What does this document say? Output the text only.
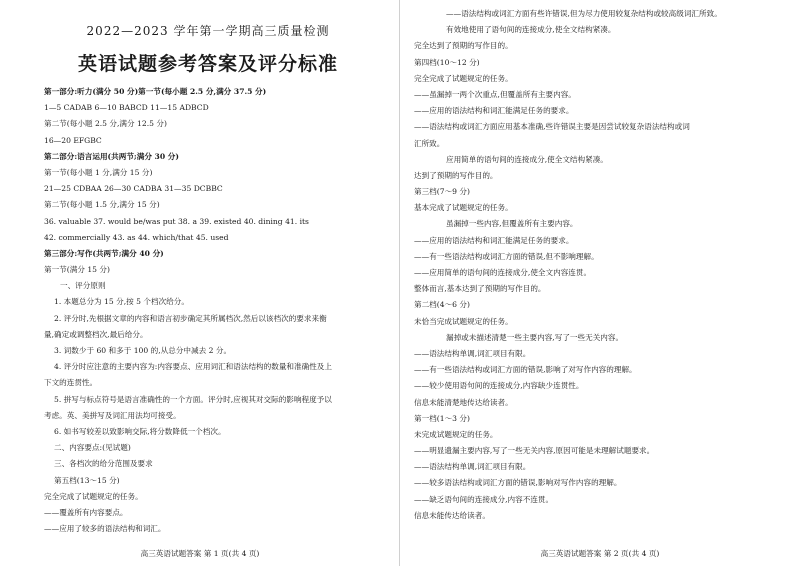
2022—2023 学年第一学期高三质量检测
英语试题参考答案及评分标准
第一部分:听力(满分 50 分)第一节(每小题 2.5 分,满分 37.5 分)
1—5 CADAB 6—10 BABCD 11—15 ADBCD
第二节(每小题 2.5 分,满分 12.5 分)
16—20 EFGBC
第二部分:语言运用(共两节;满分 30 分)
第一节(每小题 1 分,满分 15 分)
21—25 CDBAA 26—30 CADBA 31—35 DCBBC
第二节(每小题 1.5 分,满分 15 分)
36. valuable 37. would be/was put 38. a 39. existed 40. dining 41. its
42. commercially 43. as 44. which/that 45. used
第三部分:写作(共两节;满分 40 分)
第一节(满分 15 分)
一、评分原则
1. 本题总分为 15 分,按 5 个档次给分。
2. 评分时,先根据文章的内容和语言初步确定其所属档次,然后以该档次的要求来衡
量,确定或调整档次,最后给分。
3. 词数少于 60 和多于 100 的,从总分中减去 2 分。
4. 评分时应注意的主要内容为:内容要点、应用词汇和语法结构的数量和准确性及上
下文的连贯性。
5. 拼写与标点符号是语言准确性的一个方面。评分时,应视其对交际的影响程度予以
考虑。英、美拼写及词汇用法均可接受。
6. 如书写较差以致影响交际,将分数降低一个档次。
二、内容要点:(见试题)
三、各档次的给分范围及要求
第五档(13～15 分)
完全完成了试题规定的任务。
——覆盖所有内容要点。
——应用了较多的语法结构和词汇。
高三英语试题答案 第 1 页(共 4 页)
——语法结构或词汇方面有些许错误,但为尽力使用较复杂结构或较高级词汇所致。
有效地使用了语句间的连接成分,使全文结构紧凑。
完全达到了预期的写作目的。
第四档(10～12 分)
完全完成了试题规定的任务。
——虽漏掉一两个次重点,但覆盖所有主要内容。
——应用的语法结构和词汇能满足任务的要求。
——语法结构或词汇方面应用基本准确,些许错误主要是因尝试较复杂语法结构或词
汇所致。
应用简单的语句间的连接成分,使全文结构紧凑。
达到了预期的写作目的。
第三档(7～9 分)
基本完成了试题规定的任务。
虽漏掉一些内容,但覆盖所有主要内容。
——应用的语法结构和词汇能满足任务的要求。
——有一些语法结构或词汇方面的错误,但不影响理解。
——应用简单的语句间的连接成分,使全文内容连贯。
整体而言,基本达到了预期的写作目的。
第二档(4～6 分)
未恰当完成试题规定的任务。
漏掉或未描述清楚一些主要内容,写了一些无关内容。
——语法结构单调,词汇项目有限。
——有一些语法结构或词汇方面的错误,影响了对写作内容的理解。
——较少使用语句间的连接成分,内容缺少连贯性。
信息未能清楚地传达给读者。
第一档(1～3 分)
未完成试题规定的任务。
——明显遗漏主要内容,写了一些无关内容,原因可能是未理解试题要求。
——语法结构单调,词汇项目有限。
——较多语法结构或词汇方面的错误,影响对写作内容的理解。
——缺乏语句间的连接成分,内容不连贯。
信息未能传达给读者。
高三英语试题答案 第 2 页(共 4 页)
